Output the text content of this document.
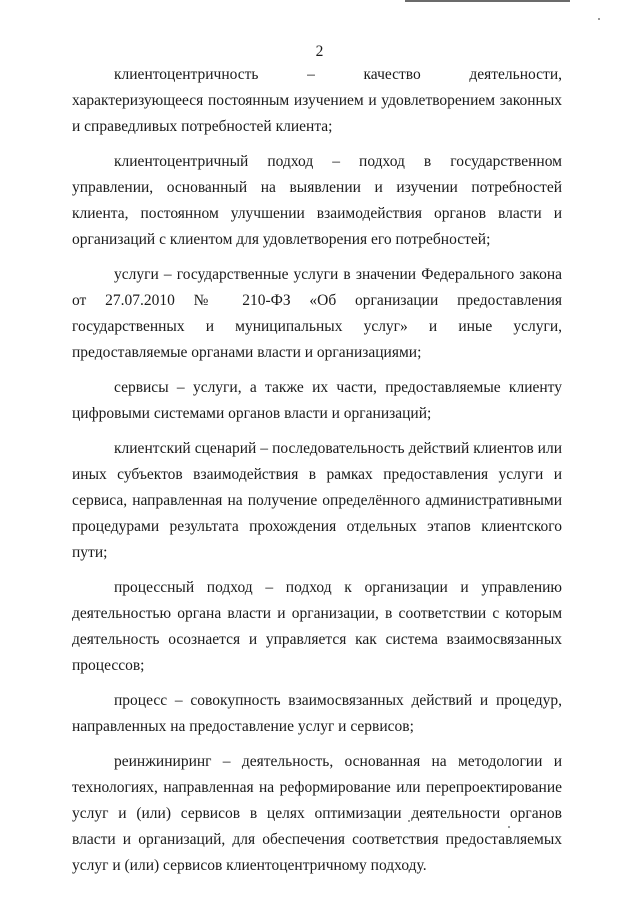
2

клиентоцентричность – качество деятельности, характеризующееся постоянным изучением и удовлетворением законных и справедливых потребностей клиента;

клиентоцентричный подход – подход в государственном управлении, основанный на выявлении и изучении потребностей клиента, постоянном улучшении взаимодействия органов власти и организаций с клиентом для удовлетворения его потребностей;

услуги – государственные услуги в значении Федерального закона от 27.07.2010 № 210-ФЗ «Об организации предоставления государственных и муниципальных услуг» и иные услуги, предоставляемые органами власти и организациями;

сервисы – услуги, а также их части, предоставляемые клиенту цифровыми системами органов власти и организаций;

клиентский сценарий – последовательность действий клиентов или иных субъектов взаимодействия в рамках предоставления услуги и сервиса, направленная на получение определённого административными процедурами результата прохождения отдельных этапов клиентского пути;

процессный подход – подход к организации и управлению деятельностью органа власти и организации, в соответствии с которым деятельность осознается и управляется как система взаимосвязанных процессов;

процесс – совокупность взаимосвязанных действий и процедур, направленных на предоставление услуг и сервисов;

реинжиниринг – деятельность, основанная на методологии и технологиях, направленная на реформирование или перепроектирование услуг и (или) сервисов в целях оптимизации деятельности органов власти и организаций, для обеспечения соответствия предоставляемых услуг и (или) сервисов клиентоцентричному подходу.
